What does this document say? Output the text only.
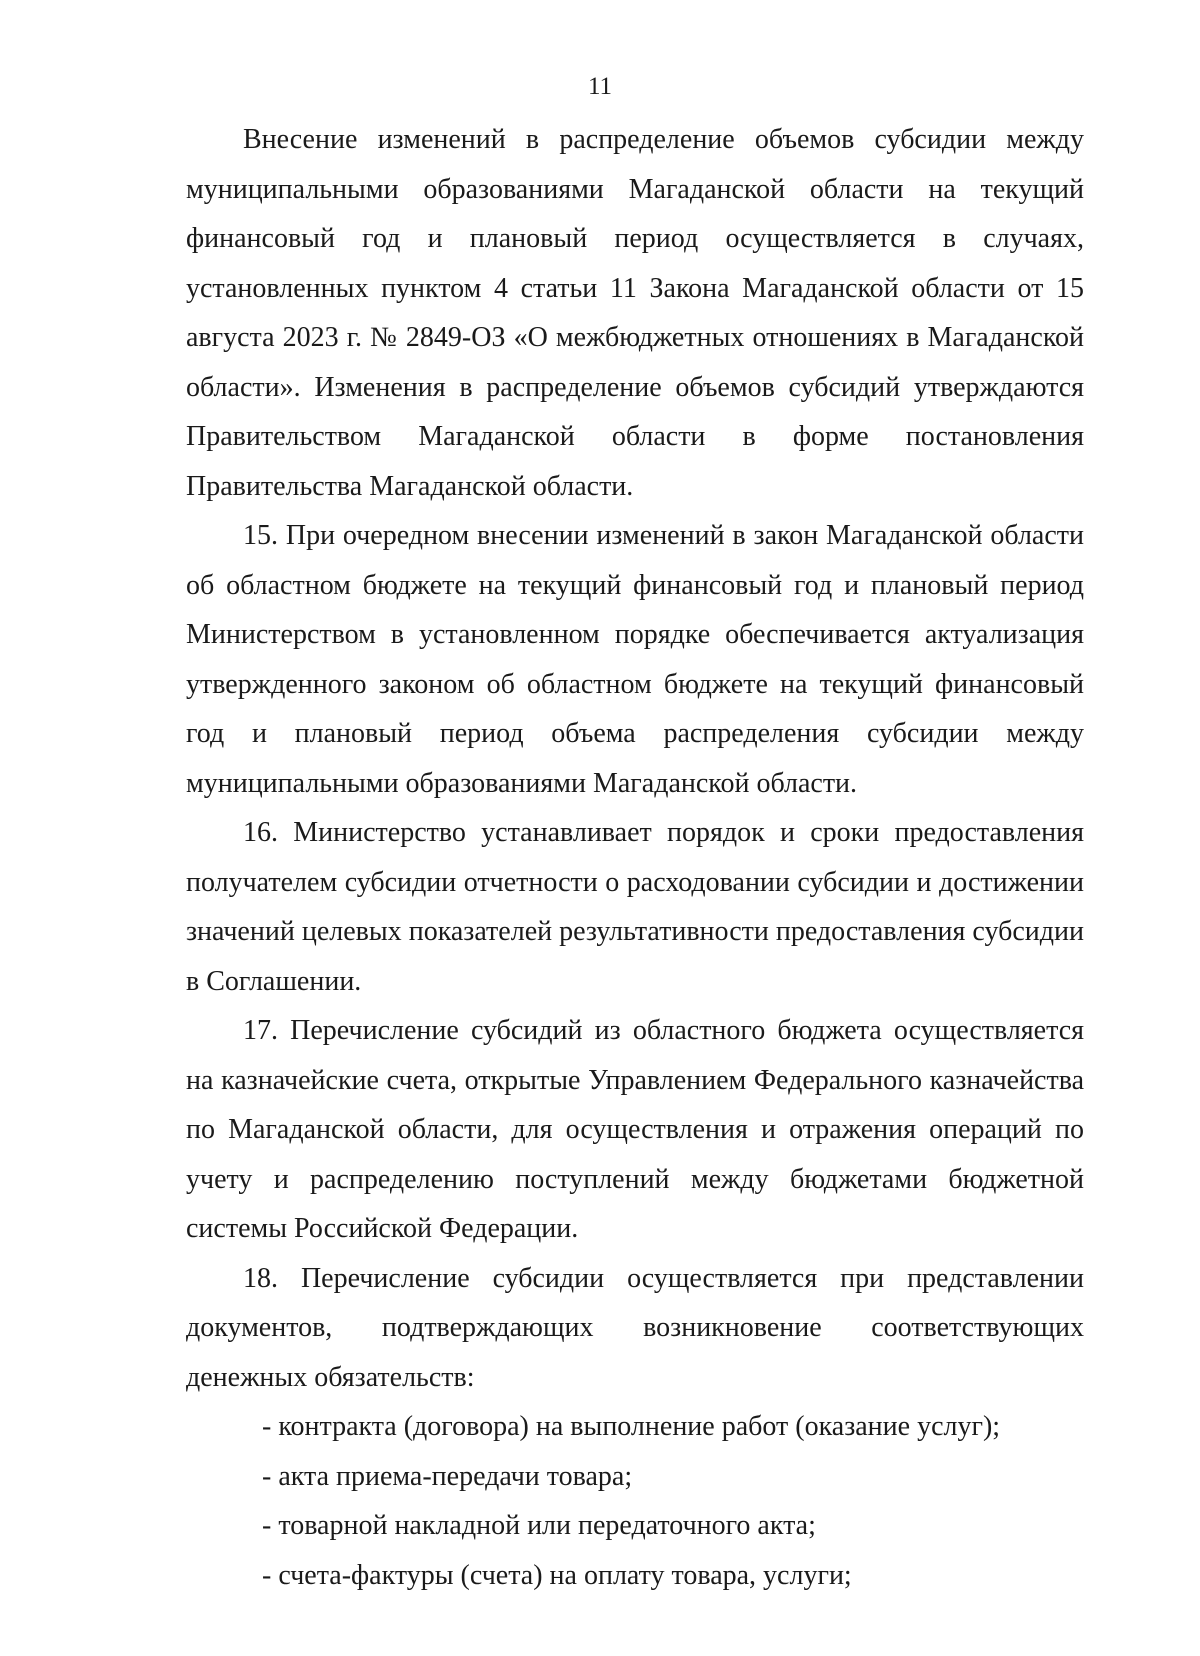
11

Внесение изменений в распределение объемов субсидии между муниципальными образованиями Магаданской области на текущий финансовый год и плановый период осуществляется в случаях, установленных пунктом 4 статьи 11 Закона Магаданской области от 15 августа 2023 г. № 2849-ОЗ «О межбюджетных отношениях в Магаданской области». Изменения в распределение объемов субсидий утверждаются Правительством Магаданской области в форме постановления Правительства Магаданской области.

15. При очередном внесении изменений в закон Магаданской области об областном бюджете на текущий финансовый год и плановый период Министерством в установленном порядке обеспечивается актуализация утвержденного законом об областном бюджете на текущий финансовый год и плановый период объема распределения субсидии между муниципальными образованиями Магаданской области.

16. Министерство устанавливает порядок и сроки предоставления получателем субсидии отчетности о расходовании субсидии и достижении значений целевых показателей результативности предоставления субсидии в Соглашении.

17. Перечисление субсидий из областного бюджета осуществляется на казначейские счета, открытые Управлением Федерального казначейства по Магаданской области, для осуществления и отражения операций по учету и распределению поступлений между бюджетами бюджетной системы Российской Федерации.

18. Перечисление субсидии осуществляется при представлении документов, подтверждающих возникновение соответствующих денежных обязательств:

- контракта (договора) на выполнение работ (оказание услуг);
- акта приема-передачи товара;
- товарной накладной или передаточного акта;
- счета-фактуры (счета) на оплату товара, услуги;
